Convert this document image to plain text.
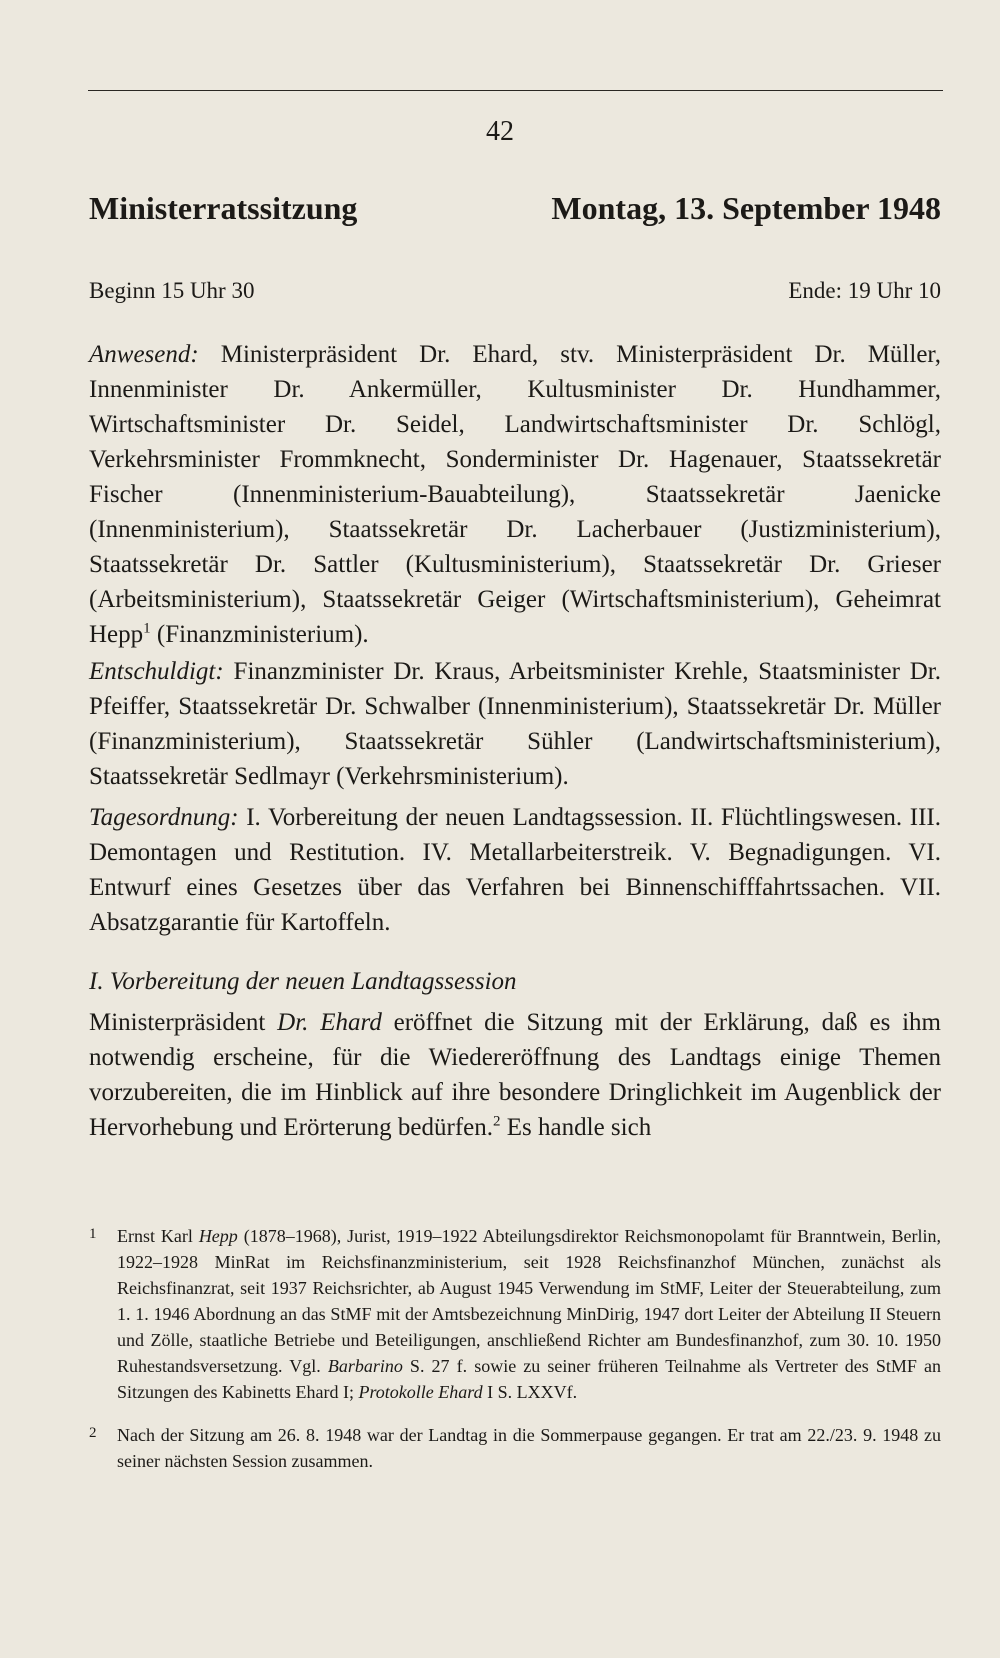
42
Ministerratssitzung	Montag, 13. September 1948
Beginn 15 Uhr 30	Ende: 19 Uhr 10

Anwesend: Ministerpräsident Dr. Ehard, stv. Ministerpräsident Dr. Müller, Innenminister Dr. Ankermüller, Kultusminister Dr. Hundhammer, Wirtschaftsminister Dr. Seidel, Landwirtschaftsminister Dr. Schlögl, Verkehrsminister Frommknecht, Sonderminister Dr. Hagenauer, Staatssekretär Fischer (Innenministerium-Bauabteilung), Staatssekretär Jaenicke (Innenministerium), Staatssekretär Dr. Lacherbauer (Justizministerium), Staatssekretär Dr. Sattler (Kultusministerium), Staatssekretär Dr. Grieser (Arbeitsministerium), Staatssekretär Geiger (Wirtschaftsministerium), Geheimrat Hepp$^1$ (Finanzministerium).

Entschuldigt: Finanzminister Dr. Kraus, Arbeitsminister Krehle, Staatsminister Dr. Pfeiffer, Staatssekretär Dr. Schwalber (Innenministerium), Staatssekretär Dr. Müller (Finanzministerium), Staatssekretär Sühler (Landwirtschaftsministerium), Staatssekretär Sedlmayr (Verkehrsministerium).

Tagesordnung: I. Vorbereitung der neuen Landtagssession. II. Flüchtlingswesen. III. Demontagen und Restitution. IV. Metallarbeiterstreik. V. Begnadigungen. VI. Entwurf eines Gesetzes über das Verfahren bei Binnenschifffahrtssachen. VII. Absatzgarantie für Kartoffeln.

I. Vorbereitung der neuen Landtagssession

Ministerpräsident Dr. Ehard eröffnet die Sitzung mit der Erklärung, daß es ihm notwendig erscheine, für die Wiedereröffnung des Landtags einige Themen vorzubereiten, die im Hinblick auf ihre besondere Dringlichkeit im Augenblick der Hervorhebung und Erörterung bedürfen.$^2$ Es handle sich

1	Ernst Karl Hepp (1878–1968), Jurist, 1919–1922 Abteilungsdirektor Reichsmonopolamt für Branntwein, Berlin, 1922–1928 MinRat im Reichsfinanzministerium, seit 1928 Reichsfinanzhof München, zunächst als Reichsfinanzrat, seit 1937 Reichsrichter, ab August 1945 Verwendung im StMF, Leiter der Steuerabteilung, zum 1. 1. 1946 Abordnung an das StMF mit der Amtsbezeichnung MinDirig, 1947 dort Leiter der Abteilung II Steuern und Zölle, staatliche Betriebe und Beteiligungen, anschließend Richter am Bundesfinanzhof, zum 30. 10. 1950 Ruhestandsversetzung. Vgl. Barbarino S. 27 f. sowie zu seiner früheren Teilnahme als Vertreter des StMF an Sitzungen des Kabinetts Ehard I; Protokolle Ehard I S. LXXVf.
2	Nach der Sitzung am 26. 8. 1948 war der Landtag in die Sommerpause gegangen. Er trat am 22./23. 9. 1948 zu seiner nächsten Session zusammen.
